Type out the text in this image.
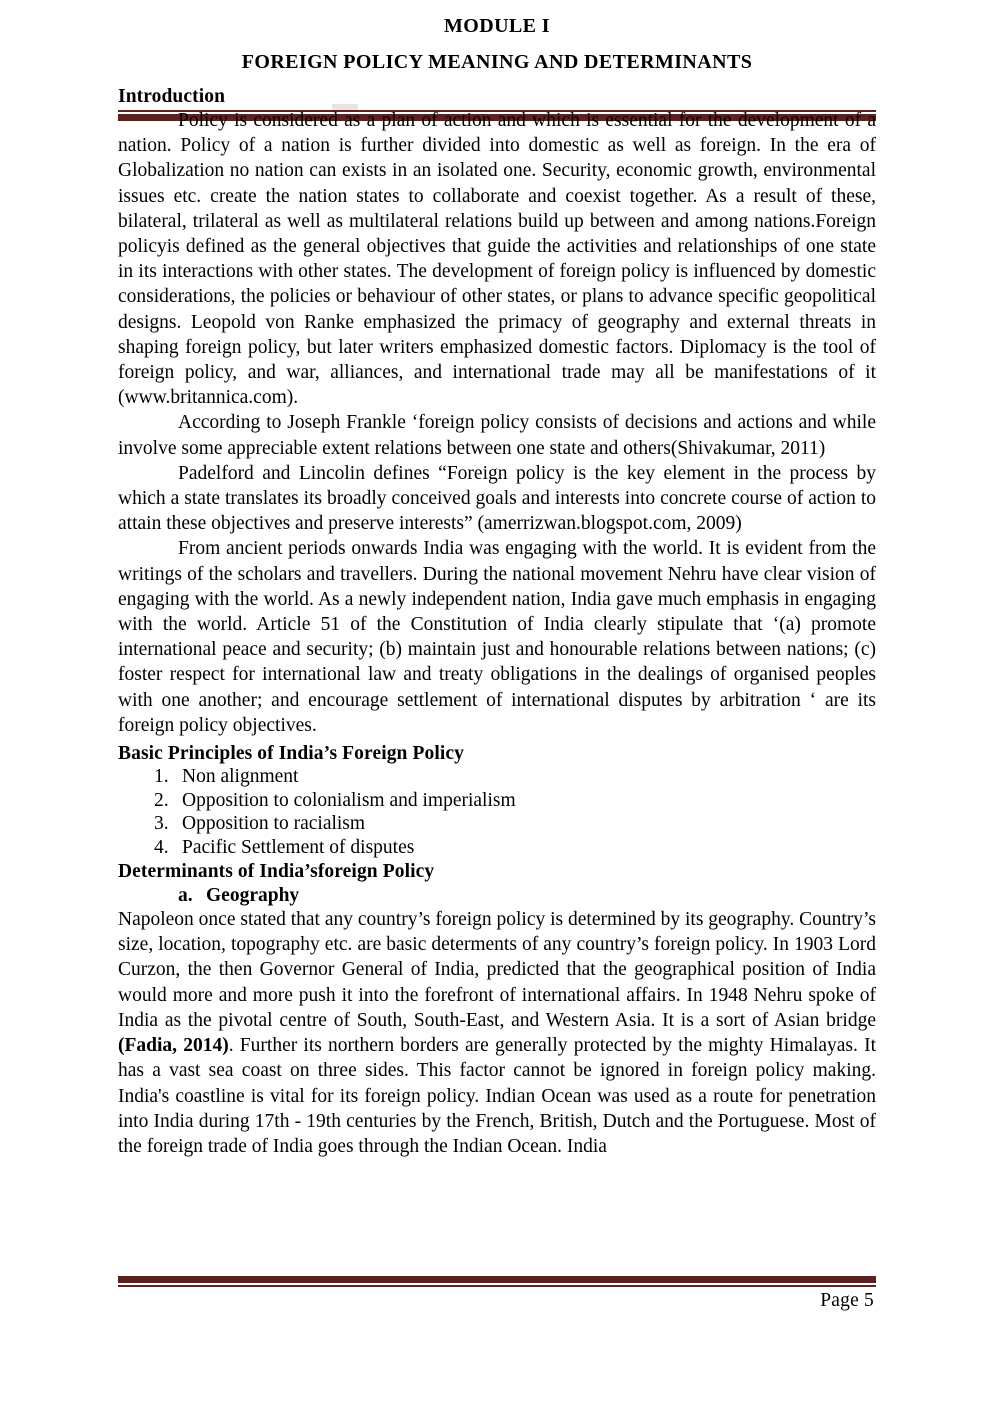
MODULE I
FOREIGN POLICY MEANING AND DETERMINANTS
Introduction

Policy is considered as a plan of action and which is essential for the development of a nation. Policy of a nation is further divided into domestic as well as foreign. In the era of Globalization no nation can exists in an isolated one. Security, economic growth, environmental issues etc. create the nation states to collaborate and coexist together. As a result of these, bilateral, trilateral as well as multilateral relations build up between and among nations.Foreign policyis defined as the general objectives that guide the activities and relationships of one state in its interactions with other states. The development of foreign policy is influenced by domestic considerations, the policies or behaviour of other states, or plans to advance specific geopolitical designs. Leopold von Ranke emphasized the primacy of geography and external threats in shaping foreign policy, but later writers emphasized domestic factors. Diplomacy is the tool of foreign policy, and war, alliances, and international trade may all be manifestations of it (www.britannica.com).

According to Joseph Frankle ‘foreign policy consists of decisions and actions and while involve some appreciable extent relations between one state and others(Shivakumar, 2011)

Padelford and Lincolin defines “Foreign policy is the key element in the process by which a state translates its broadly conceived goals and interests into concrete course of action to attain these objectives and preserve interests” (amerrizwan.blogspot.com, 2009)

From ancient periods onwards India was engaging with the world. It is evident from the writings of the scholars and travellers. During the national movement Nehru have clear vision of engaging with the world. As a newly independent nation, India gave much emphasis in engaging with the world. Article 51 of the Constitution of India clearly stipulate that ‘(a) promote international peace and security; (b) maintain just and honourable relations between nations; (c) foster respect for international law and treaty obligations in the dealings of organised peoples with one another; and encourage settlement of international disputes by arbitration ‘ are its foreign policy objectives.

Basic Principles of India’s Foreign Policy
1. Non alignment
2. Opposition to colonialism and imperialism
3. Opposition to racialism
4. Pacific Settlement of disputes
Determinants of India’sforeign Policy
a. Geography

Napoleon once stated that any country’s foreign policy is determined by its geography. Country’s size, location, topography etc. are basic determents of any country’s foreign policy. In 1903 Lord Curzon, the then Governor General of India, predicted that the geographical position of India would more and more push it into the forefront of international affairs. In 1948 Nehru spoke of India as the pivotal centre of South, South-East, and Western Asia. It is a sort of Asian bridge (Fadia, 2014). Further its northern borders are generally protected by the mighty Himalayas. It has a vast sea coast on three sides. This factor cannot be ignored in foreign policy making. India's coastline is vital for its foreign policy. Indian Ocean was used as a route for penetration into India during 17th - 19th centuries by the French, British, Dutch and the Portuguese. Most of the foreign trade of India goes through the Indian Ocean. India

Page 5
